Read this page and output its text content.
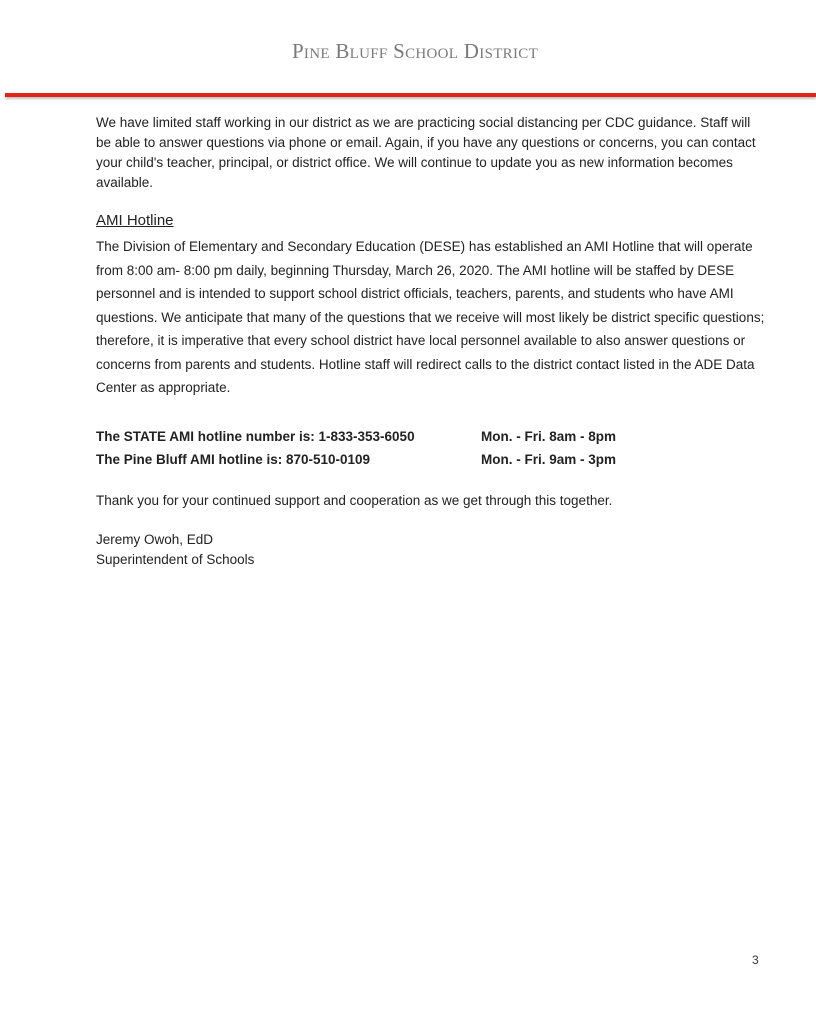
Pine Bluff School District

We have limited staff working in our district as we are practicing social distancing per CDC guidance. Staff will be able to answer questions via phone or email. Again, if you have any questions or concerns, you can contact your child's teacher, principal, or district office. We will continue to update you as new information becomes available.

AMI Hotline

The Division of Elementary and Secondary Education (DESE) has established an AMI Hotline that will operate from 8:00 am- 8:00 pm daily, beginning Thursday, March 26, 2020. The AMI hotline will be staffed by DESE personnel and is intended to support school district officials, teachers, parents, and students who have AMI questions. We anticipate that many of the questions that we receive will most likely be district specific questions; therefore, it is imperative that every school district have local personnel available to also answer questions or concerns from parents and students. Hotline staff will redirect calls to the district contact listed in the ADE Data Center as appropriate.

The STATE AMI hotline number is: 1-833-353-6050	Mon. - Fri. 8am - 8pm
The Pine Bluff AMI hotline is: 870-510-0109	Mon. - Fri. 9am - 3pm

Thank you for your continued support and cooperation as we get through this together.

Jeremy Owoh, EdD
Superintendent of Schools
3
